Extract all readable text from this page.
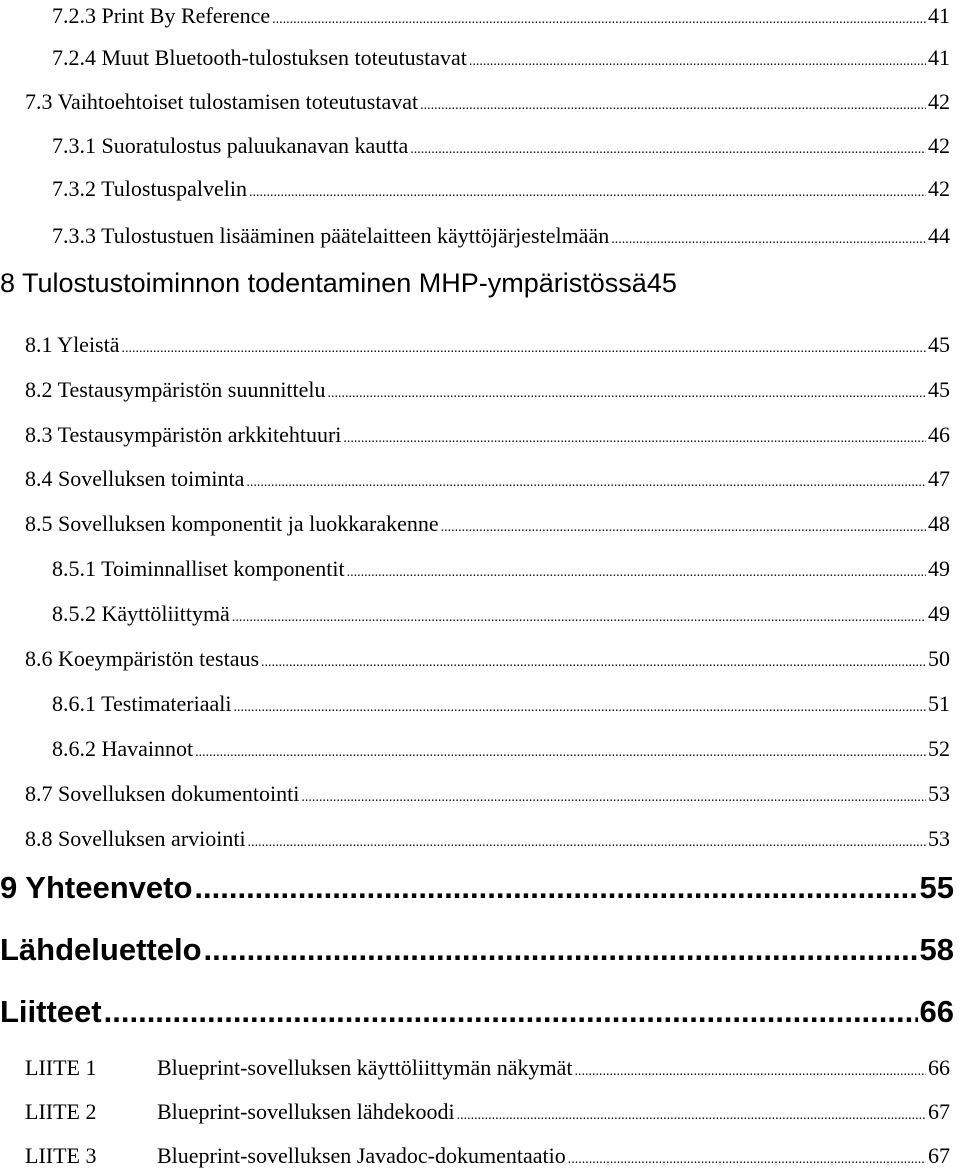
7.2.3 Print By Reference .....	41
7.2.4 Muut Bluetooth-tulostuksen toteutustavat .....	41
7.3 Vaihtoehtoiset tulostamisen toteutustavat .....	42
7.3.1 Suoratulostus paluukanavan kautta .....	42
7.3.2 Tulostuspalvelin .....	42
7.3.3 Tulostustuen lisääminen päätelaitteen käyttöjärjestelmään .....	44
8 Tulostustoiminnon todentaminen MHP-ympäristössä 45
8.1 Yleistä .....	45
8.2 Testausympäristön suunnittelu .....	45
8.3 Testausympäristön arkkitehtuuri .....	46
8.4 Sovelluksen toiminta .....	47
8.5 Sovelluksen komponentit ja luokkarakenne .....	48
8.5.1 Toiminnalliset komponentit .....	49
8.5.2 Käyttöliittymä .....	49
8.6 Koeympäristön testaus .....	50
8.6.1 Testimateriaali .....	51
8.6.2 Havainnot .....	52
8.7 Sovelluksen dokumentointi .....	53
8.8 Sovelluksen arviointi .....	53
9 Yhteenveto .....	55
Lähdeluettelo .....	58
Liitteet .....	66
LIITE 1	Blueprint-sovelluksen käyttöliittymän näkymät .....	66
LIITE 2	Blueprint-sovelluksen lähdekoodi .....	67
LIITE 3	Blueprint-sovelluksen Javadoc-dokumentaatio .....	67
